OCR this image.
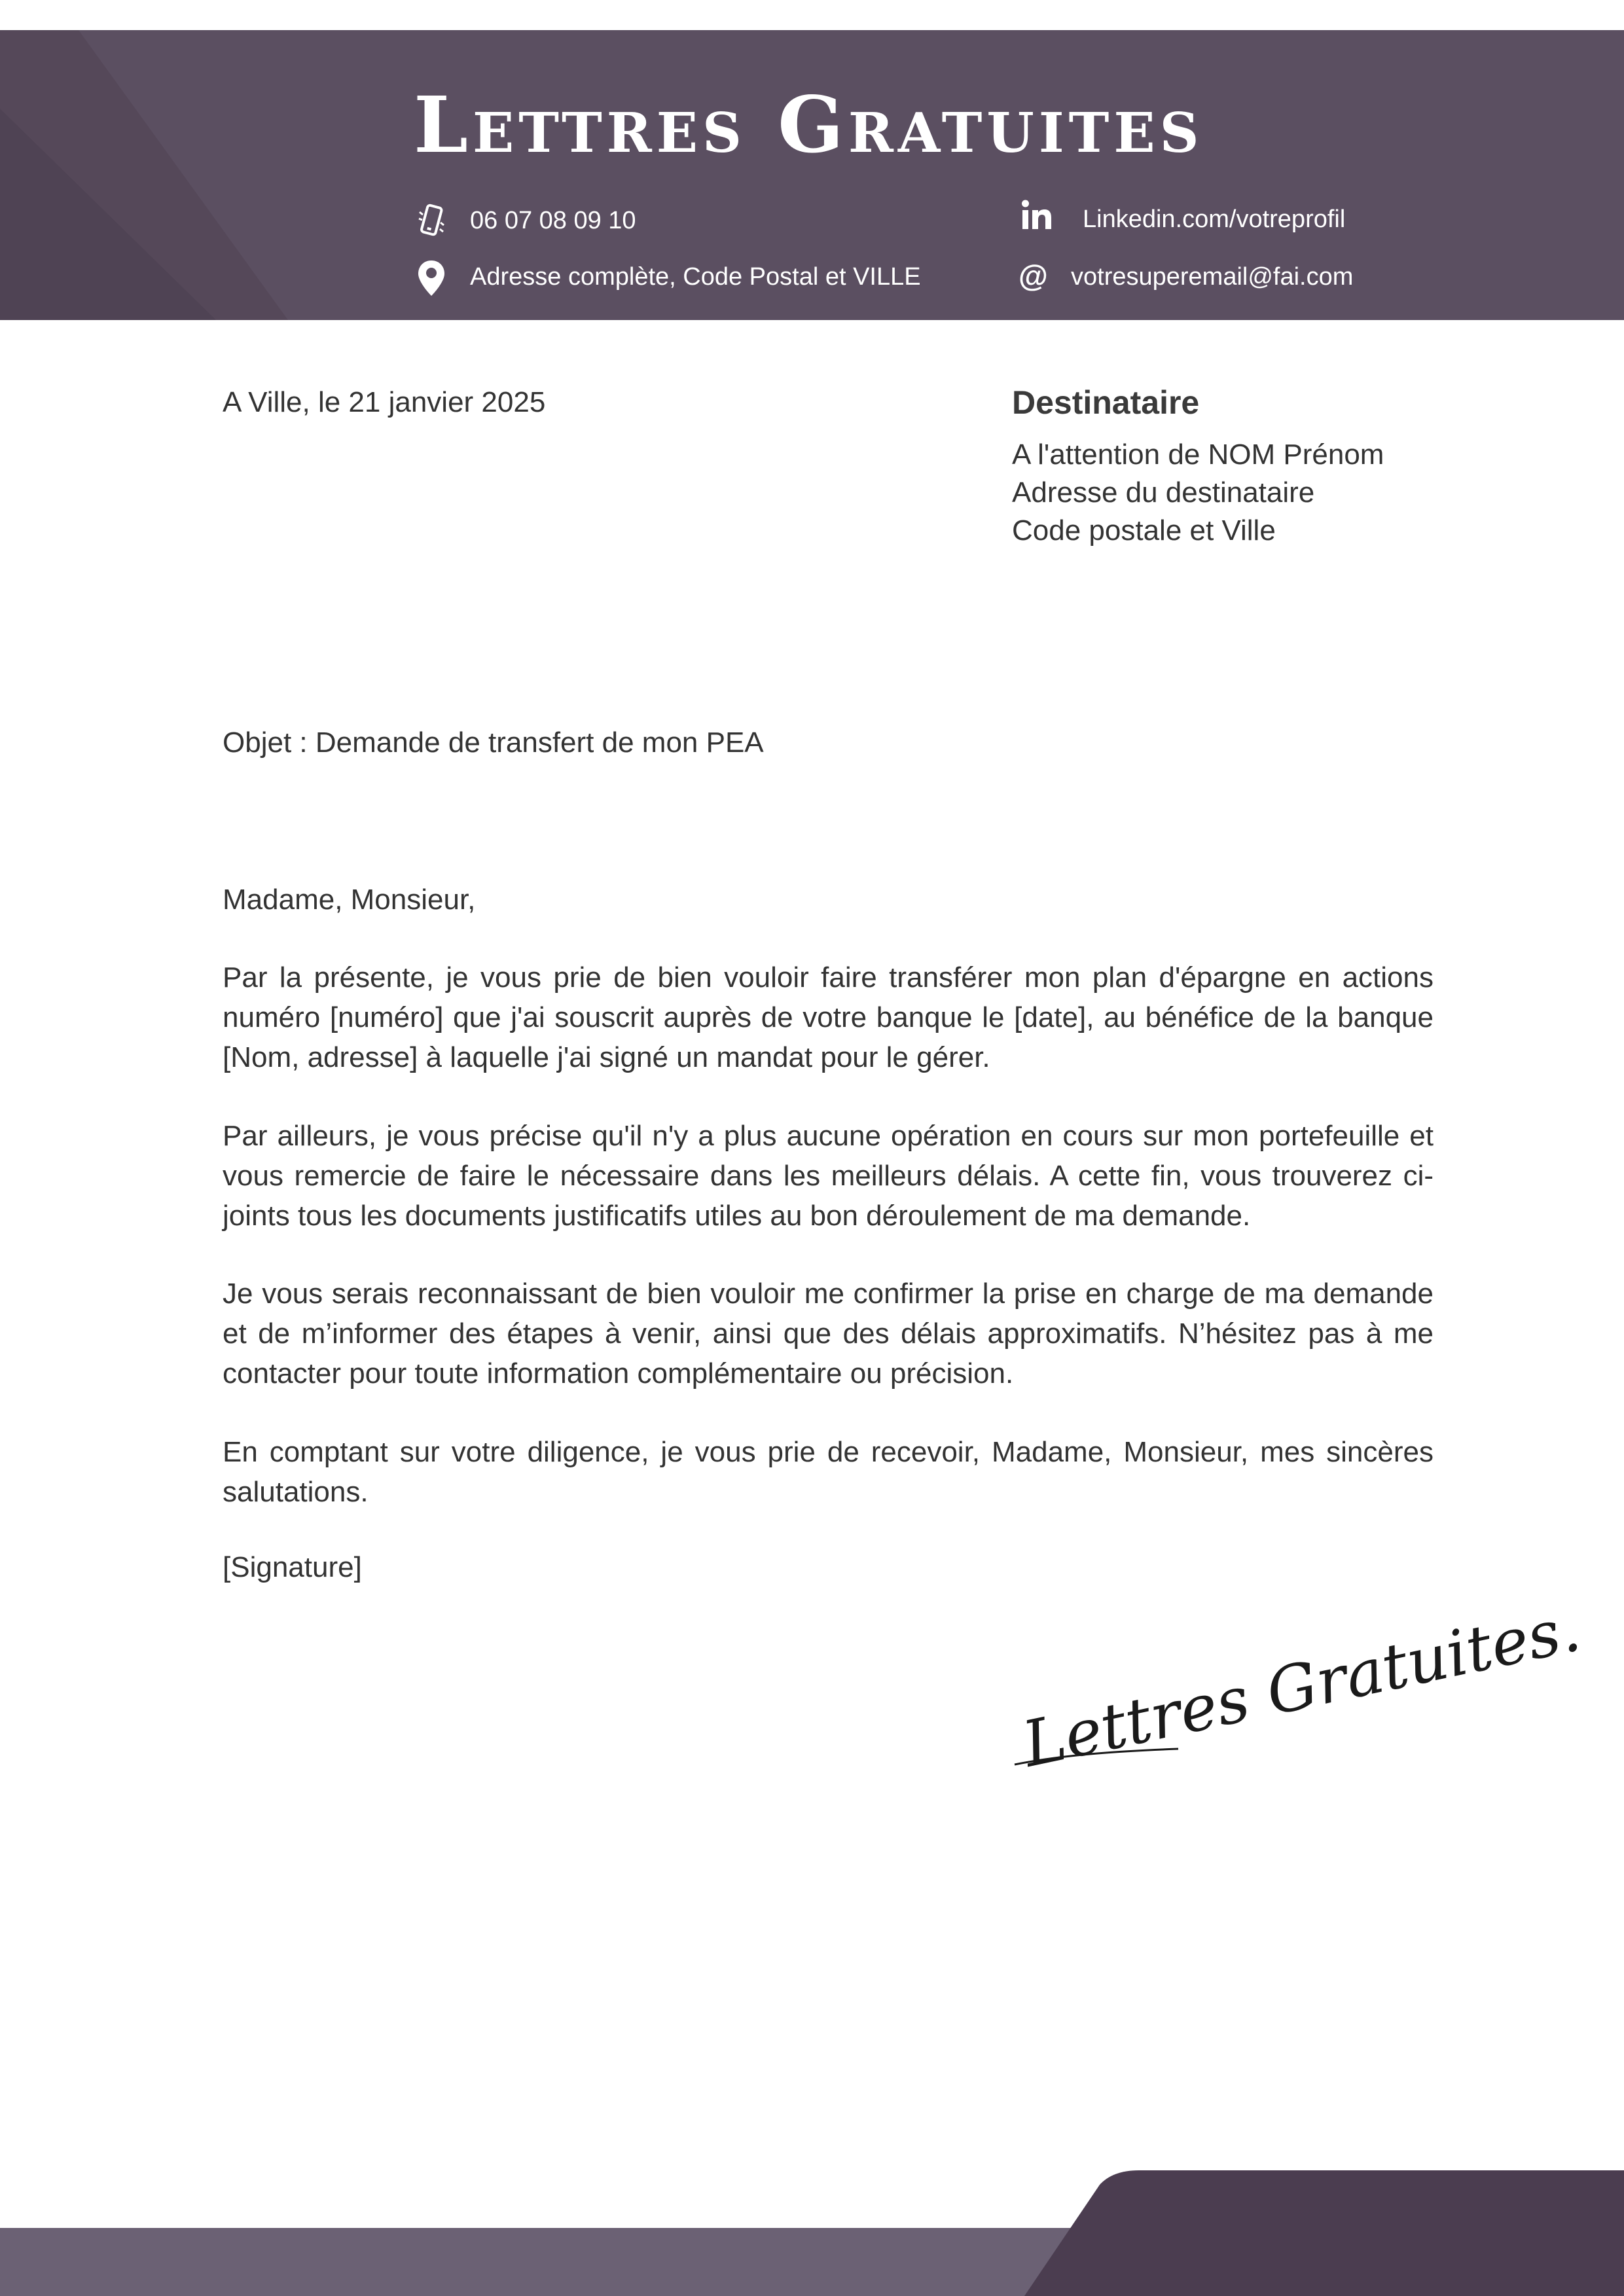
Lettres Gratuites
06 07 08 09 10
Adresse complète, Code Postal et VILLE
Linkedin.com/votreprofil
@ votresuperemail@fai.com
A Ville, le 21 janvier 2025	Destinataire
A l'attention de NOM Prénom
Adresse du destinataire
Code postale et Ville
Objet : Demande de transfert de mon PEA
Madame, Monsieur,
Par la présente, je vous prie de bien vouloir faire transférer mon plan d'épargne en actions numéro [numéro] que j'ai souscrit auprès de votre banque le [date], au bénéfice de la banque [Nom, adresse] à laquelle j'ai signé un mandat pour le gérer.
Par ailleurs, je vous précise qu'il n'y a plus aucune opération en cours sur mon portefeuille et vous remercie de faire le nécessaire dans les meilleurs délais. A cette fin, vous trouverez ci-joints tous les documents justificatifs utiles au bon déroulement de ma demande.
Je vous serais reconnaissant de bien vouloir me confirmer la prise en charge de ma demande et de m’informer des étapes à venir, ainsi que des délais approximatifs. N’hésitez pas à me contacter pour toute information complémentaire ou précision.
En comptant sur votre diligence, je vous prie de recevoir, Madame, Monsieur, mes sincères salutations.
[Signature]
Lettres Gratuites.
